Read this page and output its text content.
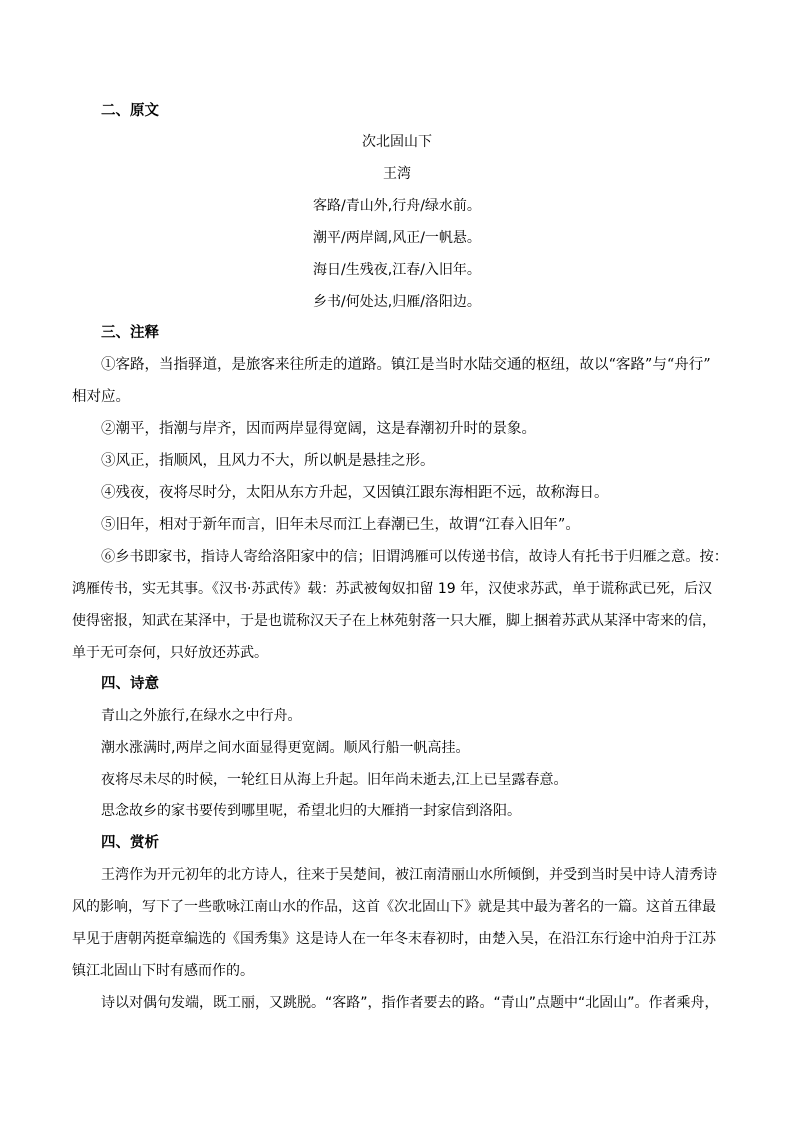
二、原文
次北固山下
王湾
客路/青山外,行舟/绿水前。
潮平/两岸阔,风正/一帆悬。
海日/生残夜,江春/入旧年。
乡书/何处达,归雁/洛阳边。
三、注释
①客路，当指驿道，是旅客来往所走的道路。镇江是当时水陆交通的枢纽，故以“客路”与“舟行”
相对应。
②潮平，指潮与岸齐，因而两岸显得宽阔，这是春潮初升时的景象。
③风正，指顺风，且风力不大，所以帆是悬挂之形。
④残夜，夜将尽时分，太阳从东方升起，又因镇江跟东海相距不远，故称海日。
⑤旧年，相对于新年而言，旧年未尽而江上春潮已生，故谓“江春入旧年”。
⑥乡书即家书，指诗人寄给洛阳家中的信；旧谓鸿雁可以传递书信，故诗人有托书于归雁之意。按：
鸿雁传书，实无其事。《汉书·苏武传》载：苏武被匈奴扣留 19 年，汉使求苏武，单于谎称武已死，后汉
使得密报，知武在某泽中，于是也谎称汉天子在上林苑射落一只大雁，脚上捆着苏武从某泽中寄来的信，
单于无可奈何，只好放还苏武。
四、诗意
青山之外旅行,在绿水之中行舟。
潮水涨满时,两岸之间水面显得更宽阔。顺风行船一帆高挂。
夜将尽未尽的时候，一轮红日从海上升起。旧年尚未逝去,江上已呈露春意。
思念故乡的家书要传到哪里呢，希望北归的大雁捎一封家信到洛阳。
四、赏析
王湾作为开元初年的北方诗人，往来于吴楚间，被江南清丽山水所倾倒，并受到当时吴中诗人清秀诗
风的影响，写下了一些歌咏江南山水的作品，这首《次北固山下》就是其中最为著名的一篇。这首五律最
早见于唐朝芮挺章编选的《国秀集》这是诗人在一年冬末春初时，由楚入吴，在沿江东行途中泊舟于江苏
镇江北固山下时有感而作的。
诗以对偶句发端，既工丽，又跳脱。“客路”，指作者要去的路。“青山”点题中“北固山”。作者乘舟，
